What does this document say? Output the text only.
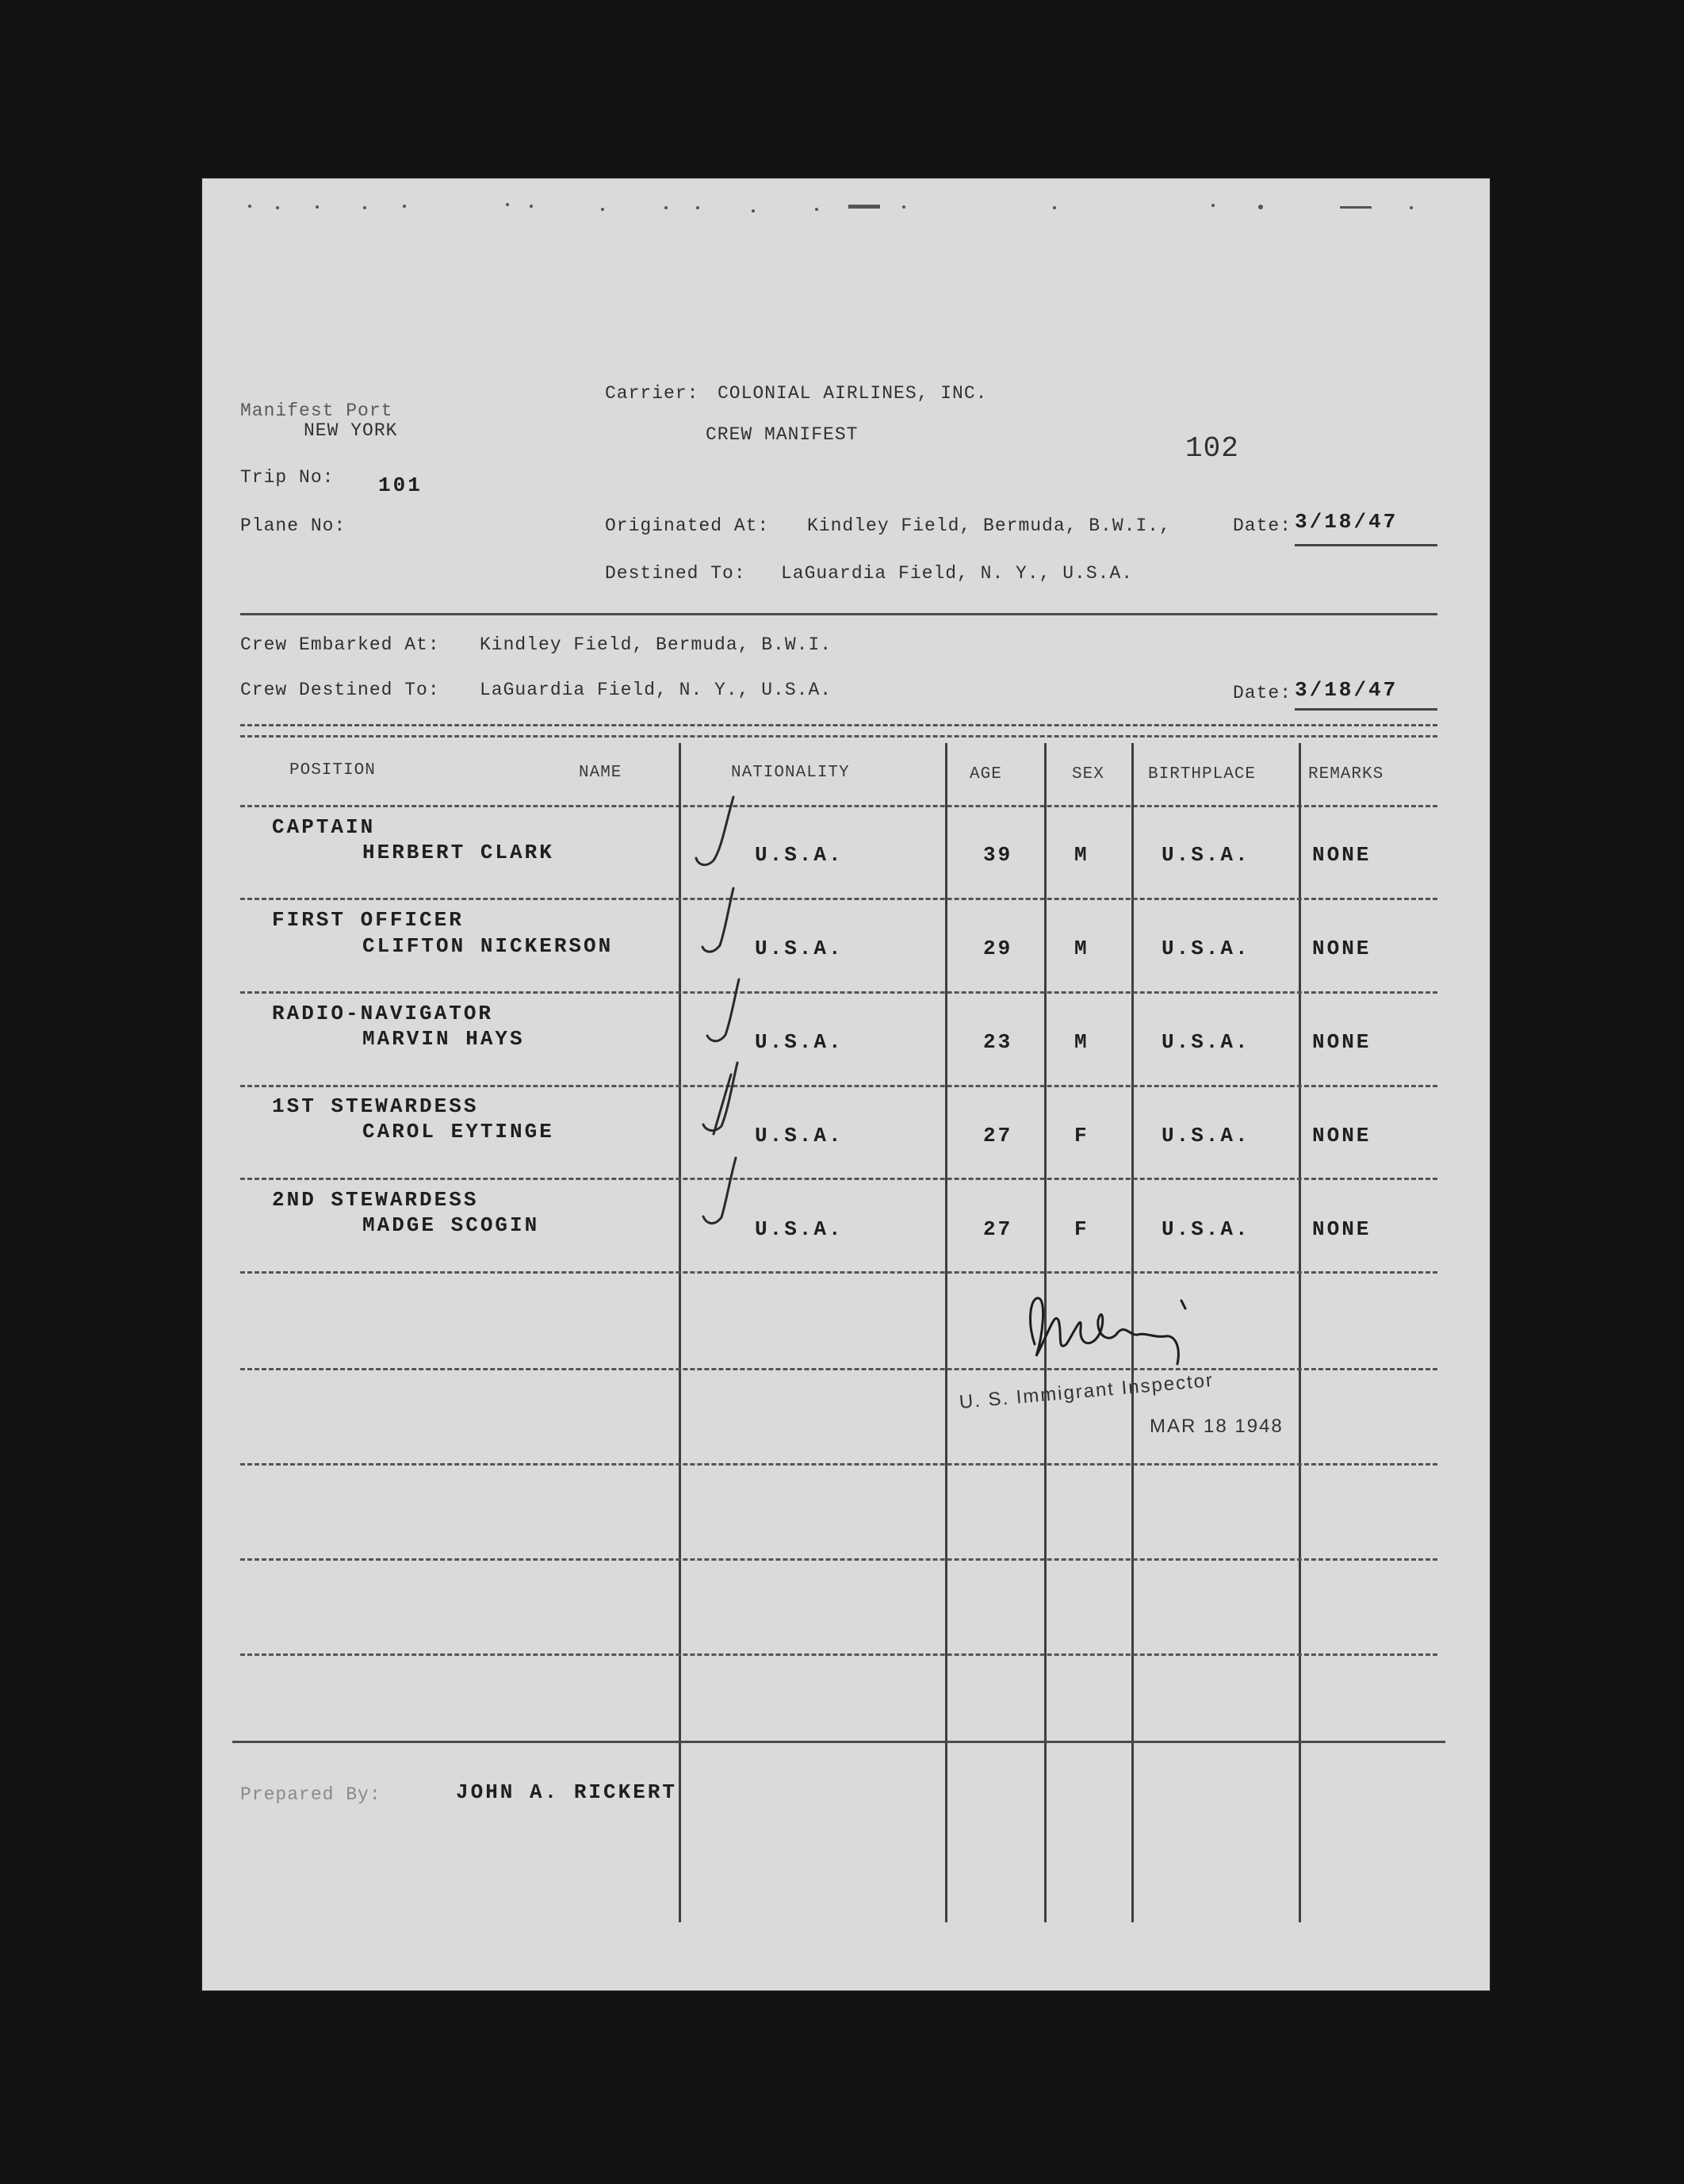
Manifest Port
NEW YORK
Carrier: COLONIAL AIRLINES, INC.
CREW MANIFEST	102
Trip No: 101
Plane No:	Originated At: Kindley Field, Bermuda, B.W.I.,	Date: 3/18/47
Destined To: LaGuardia Field, N. Y., U.S.A.
Crew Embarked At: Kindley Field, Bermuda, B.W.I.
Crew Destined To: LaGuardia Field, N. Y., U.S.A.	Date: 3/18/47
POSITION	NAME	NATIONALITY	AGE	SEX	BIRTHPLACE	REMARKS
CAPTAIN
HERBERT CLARK	U.S.A.	39	M	U.S.A.	NONE
FIRST OFFICER
CLIFTON NICKERSON	U.S.A.	29	M	U.S.A.	NONE
RADIO-NAVIGATOR
MARVIN HAYS	U.S.A.	23	M	U.S.A.	NONE
1ST STEWARDESS
CAROL EYTINGE	U.S.A.	27	F	U.S.A.	NONE
2ND STEWARDESS
MADGE SCOGIN	U.S.A.	27	F	U.S.A.	NONE
U. S. Immigrant Inspector
MAR 18 1948
Prepared By:	JOHN A. RICKERT
